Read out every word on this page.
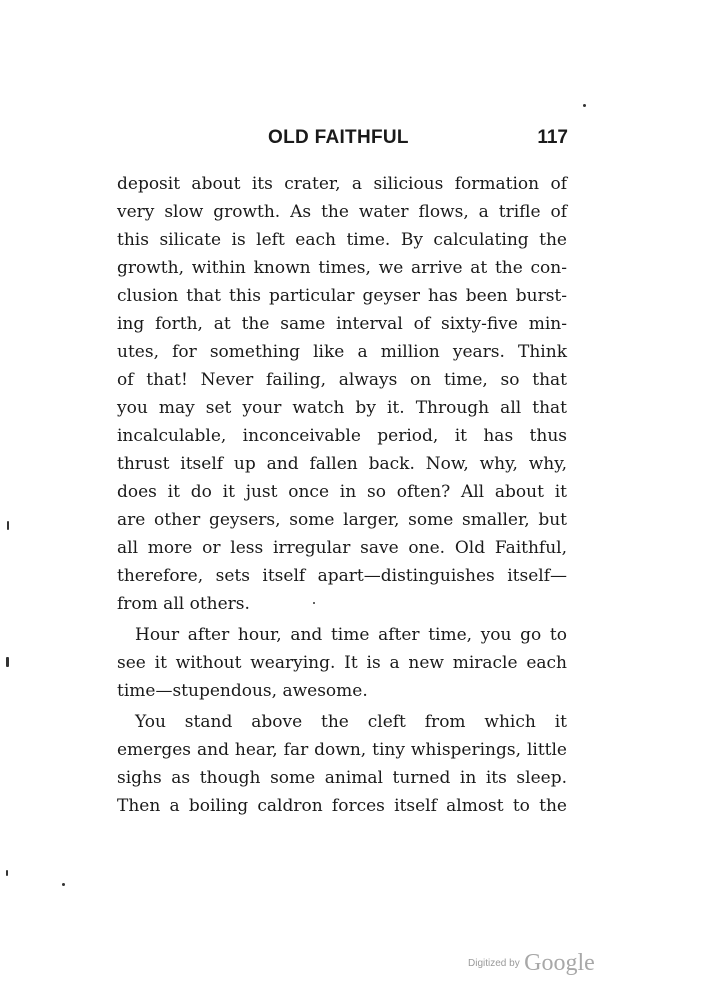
OLD FAITHFUL	117
deposit about its crater, a silicious formation of
very slow growth. As the water flows, a trifle of
this silicate is left each time. By calculating the
growth, within known times, we arrive at the con-
clusion that this particular geyser has been burst-
ing forth, at the same interval of sixty-five min-
utes, for something like a million years. Think
of that! Never failing, always on time, so that
you may set your watch by it. Through all that
incalculable, inconceivable period, it has thus
thrust itself up and fallen back. Now, why, why,
does it do it just once in so often? All about it
are other geysers, some larger, some smaller, but
all more or less irregular save one. Old Faithful,
therefore, sets itself apart—distinguishes itself—
from all others.
Hour after hour, and time after time, you go to
see it without wearying. It is a new miracle each
time—stupendous, awesome.
You stand above the cleft from which it
emerges and hear, far down, tiny whisperings, little
sighs as though some animal turned in its sleep.
Then a boiling caldron forces itself almost to the
Digitized by Google
